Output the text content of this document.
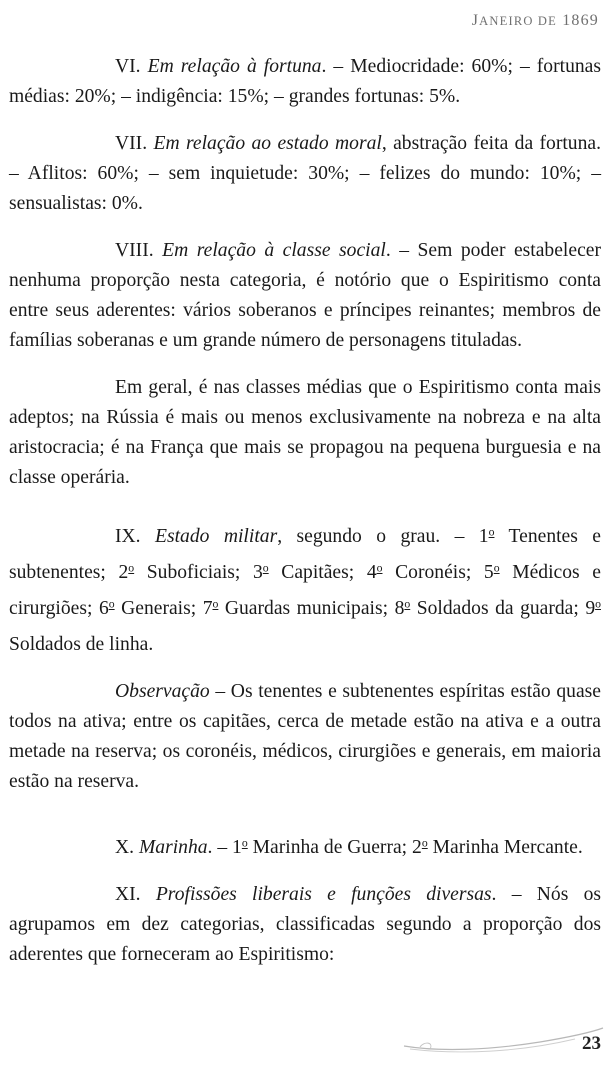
JANEIRO DE 1869

VI. Em relação à fortuna. – Mediocridade: 60%; – fortunas médias: 20%; – indigência: 15%; – grandes fortunas: 5%.

VII. Em relação ao estado moral, abstração feita da fortuna. – Aflitos: 60%; – sem inquietude: 30%; – felizes do mundo: 10%; – sensualistas: 0%.

VIII. Em relação à classe social. – Sem poder estabelecer nenhuma proporção nesta categoria, é notório que o Espiritismo conta entre seus aderentes: vários soberanos e príncipes reinantes; membros de famílias soberanas e um grande número de personagens tituladas.

Em geral, é nas classes médias que o Espiritismo conta mais adeptos; na Rússia é mais ou menos exclusivamente na nobreza e na alta aristocracia; é na França que mais se propagou na pequena burguesia e na classe operária.

IX. Estado militar, segundo o grau. – 1$^o$ Tenentes e subtenentes; 2$^o$ Suboficiais; 3$^o$ Capitães; 4$^o$ Coronéis; 5$^o$ Médicos e cirurgiões; 6$^o$ Generais; 7$^o$ Guardas municipais; 8$^o$ Soldados da guarda; 9$^o$ Soldados de linha.

Observação – Os tenentes e subtenentes espíritas estão quase todos na ativa; entre os capitães, cerca de metade estão na ativa e a outra metade na reserva; os coronéis, médicos, cirurgiões e generais, em maioria estão na reserva.

X. Marinha. – 1$^o$ Marinha de Guerra; 2$^o$ Marinha Mercante.

XI. Profissões liberais e funções diversas. – Nós os agrupamos em dez categorias, classificadas segundo a proporção dos aderentes que forneceram ao Espiritismo:

23
